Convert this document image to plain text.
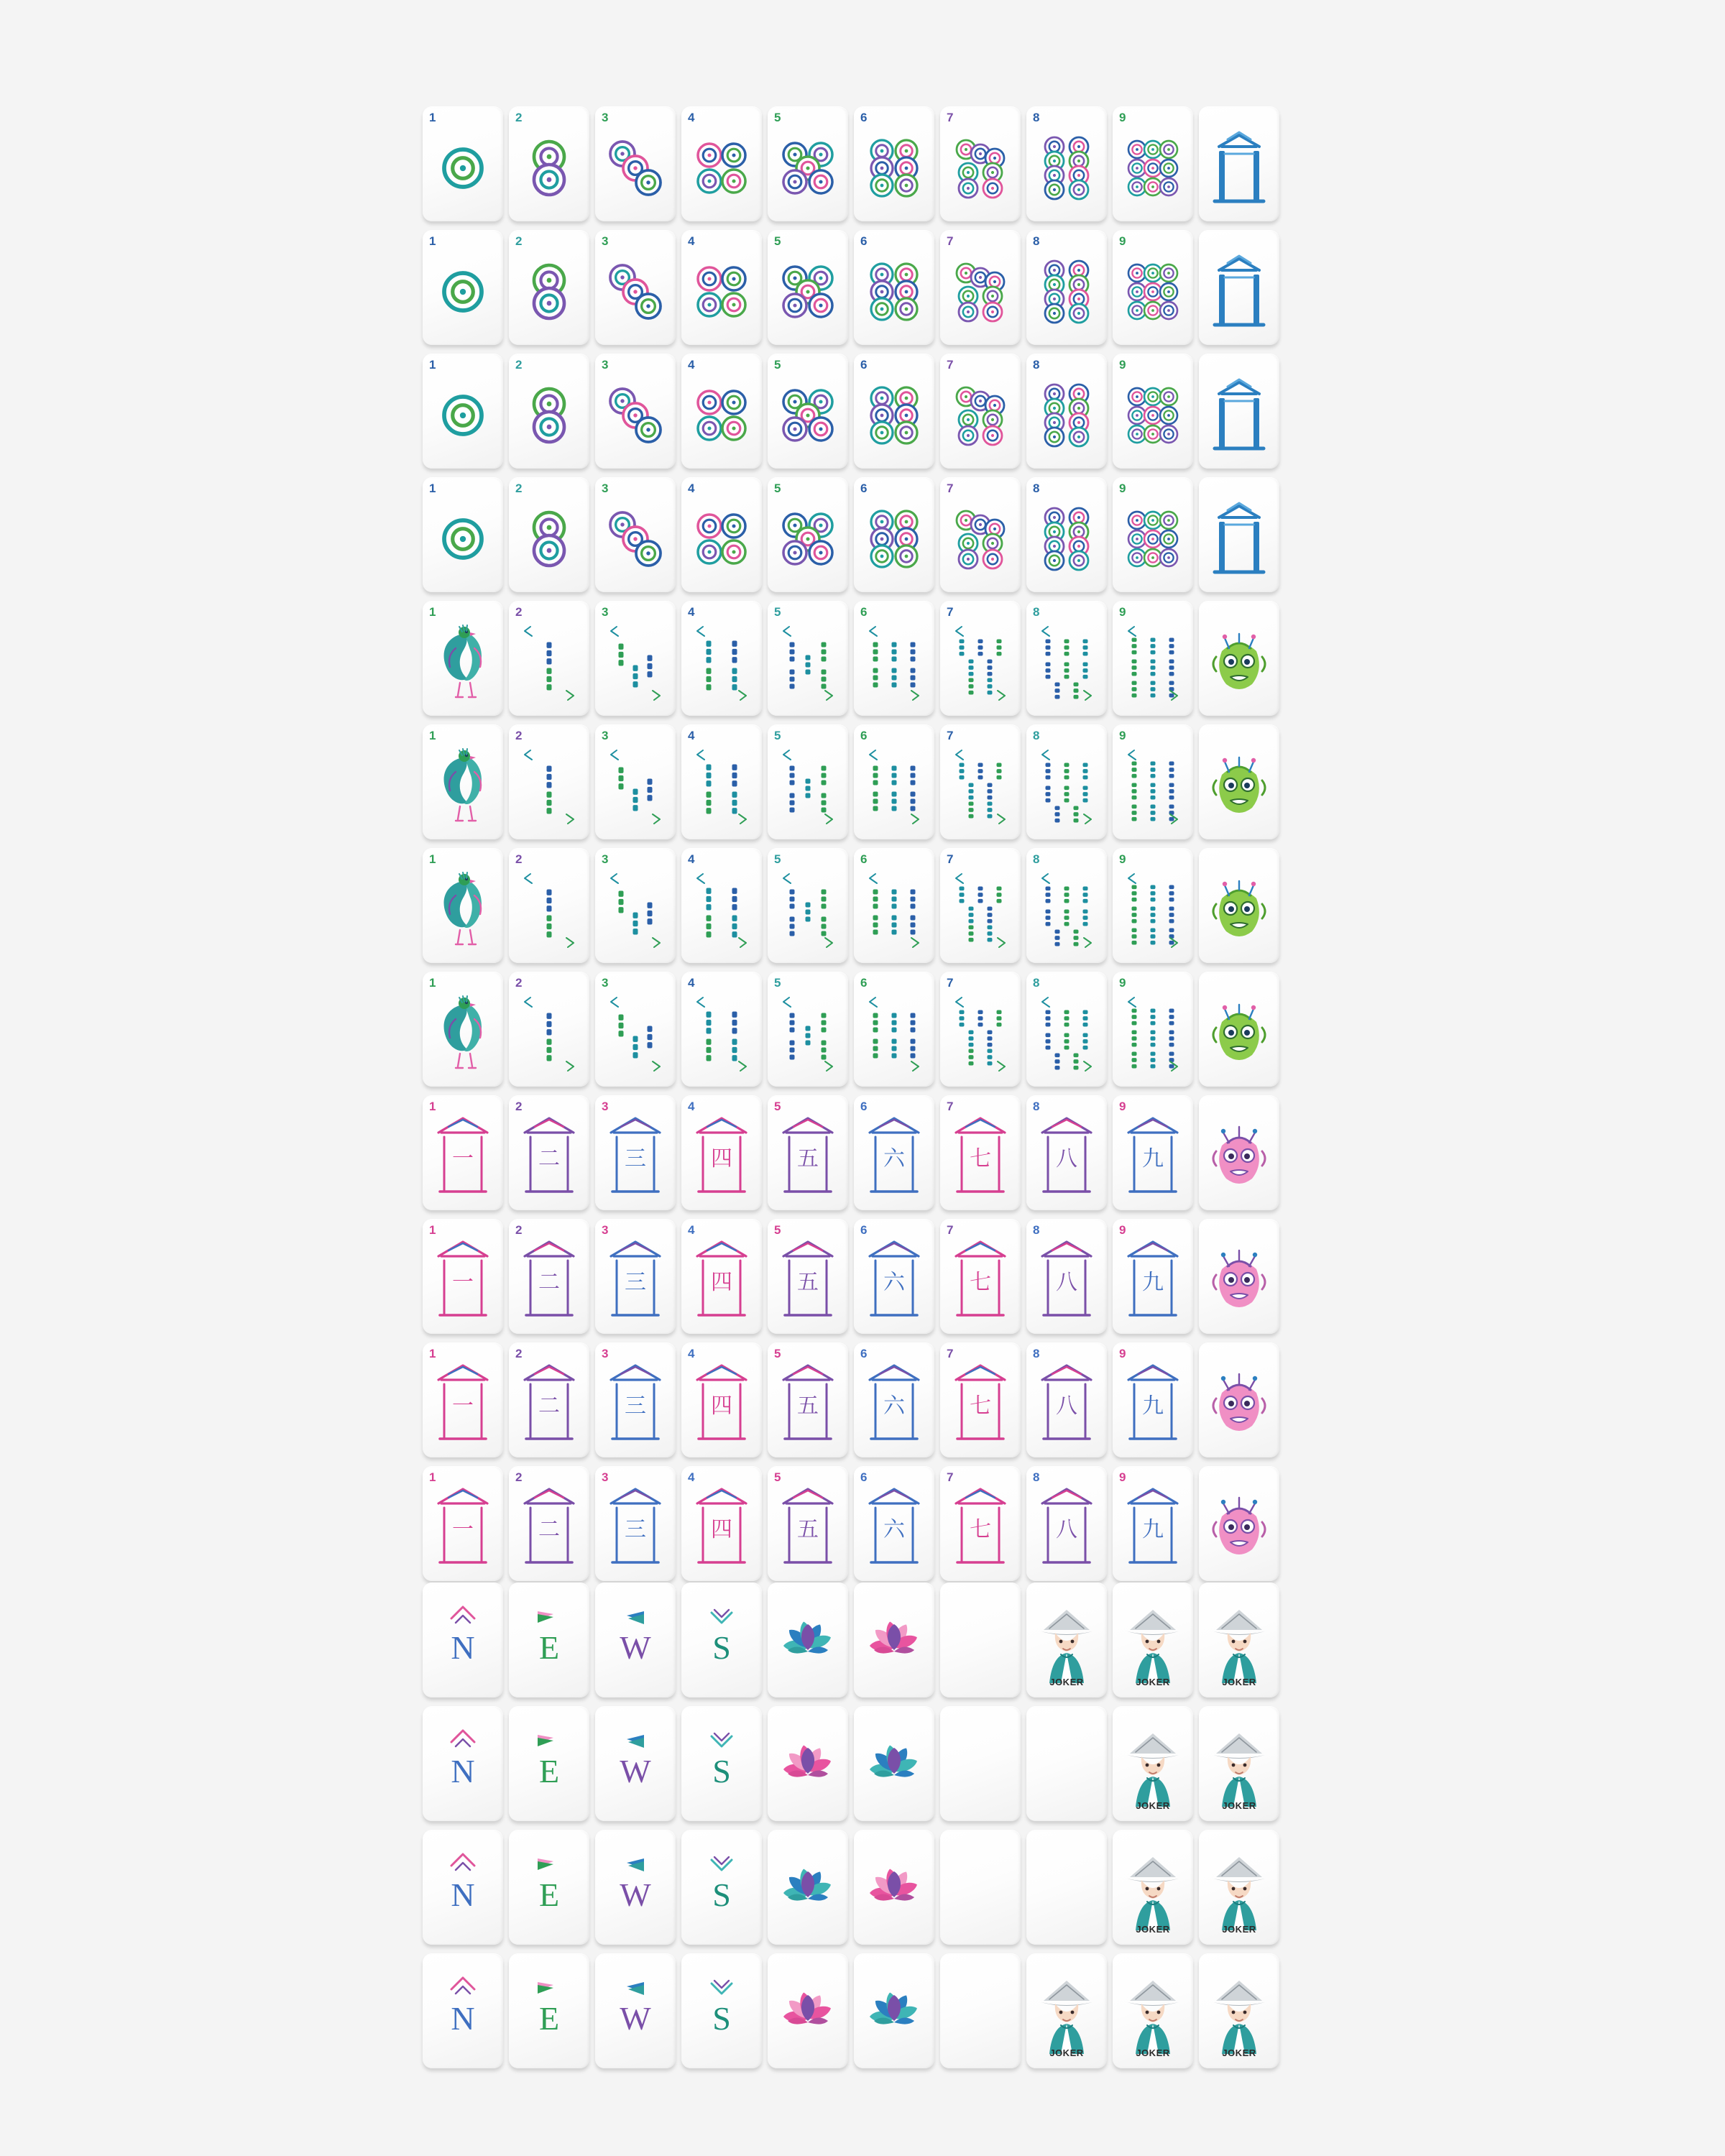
1	2	3	4	5	6	7	8	9
1	2	3	4	5	6	7	8	9
1	2	3	4	5	6	7	8	9
1	2	3	4	5	6	7	8	9
1	2	3	4	5	6	7	8	9
1	2	3	4	5	6	7	8	9
1	2	3	4	5	6	7	8	9
1	2	3	4	5	6	7	8	9
1
一
2
二
3
三
4
四
5
五
6
六
7
七
8
八
9
九
1
一
2
二
3
三
4
四
5
五
6
六
7
七
8
八
9
九
1
一
2
二
3
三
4
四
5
五
6
六
7
七
8
八
9
九
1
一
2
二
3
三
4
四
5
五
6
六
7
七
8
八
9
九
N	E	W	S
JOKER	JOKER	JOKER
N	E	W	S
JOKER	JOKER
N	E	W	S
JOKER	JOKER
N	E	W	S
JOKER	JOKER	JOKER
